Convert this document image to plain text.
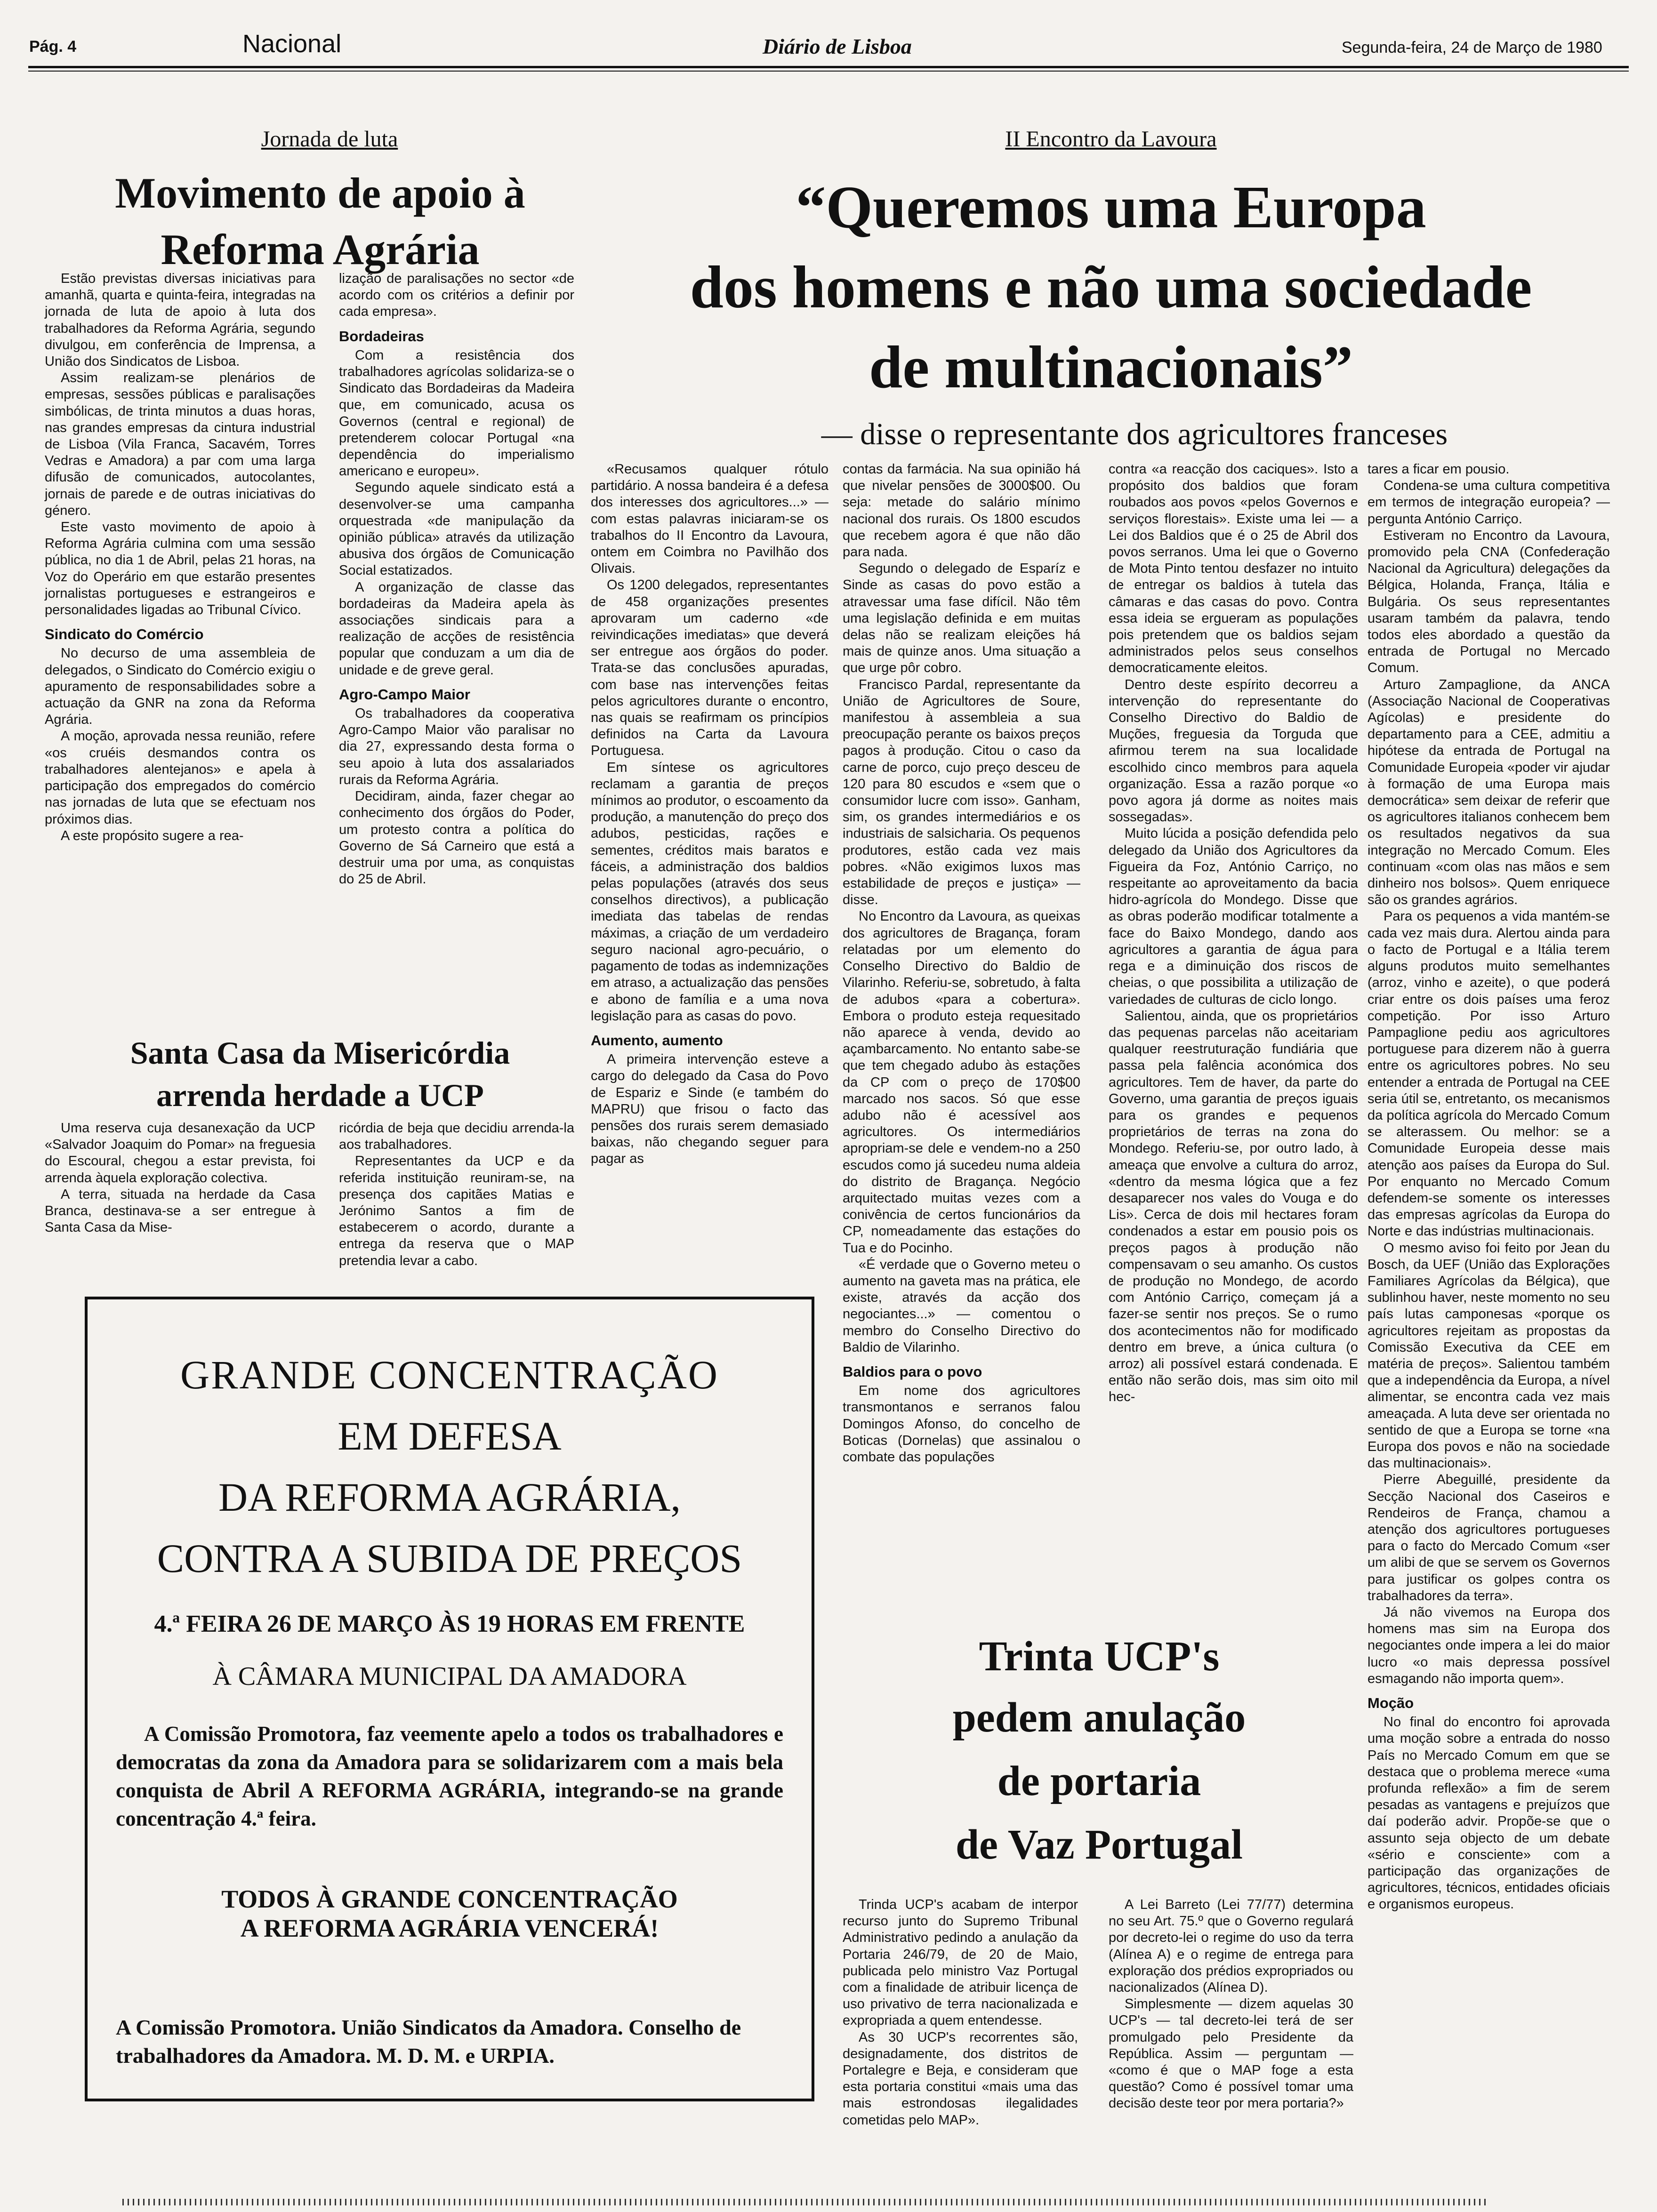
Pág. 4	Nacional	Diário de Lisboa	Segunda-feira, 24 de Março de 1980
Jornada de luta
Movimento de apoio à Reforma Agrária

Estão previstas diversas iniciativas para amanhã, quarta e quinta-feira, integradas na jornada de luta de apoio à luta dos trabalhadores da Reforma Agrária, segundo divulgou, em conferência de Imprensa, a União dos Sindicatos de Lisboa.

Assim realizam-se plenários de empresas, sessões públicas e paralisações simbólicas, de trinta minutos a duas horas, nas grandes empresas da cintura industrial de Lisboa (Vila Franca, Sacavém, Torres Vedras e Amadora) a par com uma larga difusão de comunicados, autocolantes, jornais de parede e de outras iniciativas do género.

Este vasto movimento de apoio à Reforma Agrária culmina com uma sessão pública, no dia 1 de Abril, pelas 21 horas, na Voz do Operário em que estarão presentes jornalistas portugueses e estrangeiros e personalidades ligadas ao Tribunal Cívico.

Sindicato do Comércio

No decurso de uma assembleia de delegados, o Sindicato do Comércio exigiu o apuramento de responsabilidades sobre a actuação da GNR na zona da Reforma Agrária.

A moção, aprovada nessa reunião, refere «os cruéis desmandos contra os trabalhadores alentejanos» e apela à participação dos empregados do comércio nas jornadas de luta que se efectuam nos próximos dias.

A este propósito sugere a rea-

lização de paralisações no sector «de acordo com os critérios a definir por cada empresa».

Bordadeiras

Com a resistência dos trabalhadores agrícolas solidariza-se o Sindicato das Bordadeiras da Madeira que, em comunicado, acusa os Governos (central e regional) de pretenderem colocar Portugal «na dependência do imperialismo americano e europeu».

Segundo aquele sindicato está a desenvolver-se uma campanha orquestrada «de manipulação da opinião pública» através da utilização abusiva dos órgãos de Comunicação Social estatizados.

A organização de classe das bordadeiras da Madeira apela às associações sindicais para a realização de acções de resistência popular que conduzam a um dia de unidade e de greve geral.

Agro-Campo Maior

Os trabalhadores da cooperativa Agro-Campo Maior vão paralisar no dia 27, expressando desta forma o seu apoio à luta dos assalariados rurais da Reforma Agrária.

Decidiram, ainda, fazer chegar ao conhecimento dos órgãos do Poder, um protesto contra a política do Governo de Sá Carneiro que está a destruir uma por uma, as conquistas do 25 de Abril.

Santa Casa da Misericórdia
arrenda herdade a UCP

Uma reserva cuja desanexação da UCP «Salvador Joaquim do Pomar» na freguesia do Escoural, chegou a estar prevista, foi arrenda àquela exploração colectiva.

A terra, situada na herdade da Casa Branca, destinava-se a ser entregue à Santa Casa da Mise-

ricórdia de beja que decidiu arrenda-la aos trabalhadores.

Representantes da UCP e da referida instituição reuniram-se, na presença dos capitães Matias e Jerónimo Santos a fim de estabecerem o acordo, durante a entrega da reserva que o MAP pretendia levar a cabo.

II Encontro da Lavoura
“Queremos uma Europa
dos homens e não uma sociedade
de multinacionais”
— disse o representante dos agricultores franceses

«Recusamos qualquer rótulo partidário. A nossa bandeira é a defesa dos interesses dos agricultores...» — com estas palavras iniciaram-se os trabalhos do II Encontro da Lavoura, ontem em Coimbra no Pavilhão dos Olivais.

Os 1200 delegados, representantes de 458 organizações presentes aprovaram um caderno «de reivindicações imediatas» que deverá ser entregue aos órgãos do poder. Trata-se das conclusões apuradas, com base nas intervenções feitas pelos agricultores durante o encontro, nas quais se reafirmam os princípios definidos na Carta da Lavoura Portuguesa.

Em síntese os agricultores reclamam a garantia de preços mínimos ao produtor, o escoamento da produção, a manutenção do preço dos adubos, pesticidas, rações e sementes, créditos mais baratos e fáceis, a administração dos baldios pelas populações (através dos seus conselhos directivos), a publicação imediata das tabelas de rendas máximas, a criação de um verdadeiro seguro nacional agro-pecuário, o pagamento de todas as indemnizações em atraso, a actualização das pensões e abono de família e a uma nova legislação para as casas do povo.

Aumento, aumento

A primeira intervenção esteve a cargo do delegado da Casa do Povo de Espariz e Sinde (e também do MAPRU) que frisou o facto das pensões dos rurais serem demasiado baixas, não chegando seguer para pagar as

contas da farmácia. Na sua opinião há que nivelar pensões de 3000$00. Ou seja: metade do salário mínimo nacional dos rurais. Os 1800 escudos que recebem agora é que não dão para nada.

Segundo o delegado de Esparíz e Sinde as casas do povo estão a atravessar uma fase difícil. Não têm uma legislação definida e em muitas delas não se realizam eleições há mais de quinze anos. Uma situação a que urge pôr cobro.

Francisco Pardal, representante da União de Agricultores de Soure, manifestou à assembleia a sua preocupação perante os baixos preços pagos à produção. Citou o caso da carne de porco, cujo preço desceu de 120 para 80 escudos e «sem que o consumidor lucre com isso». Ganham, sim, os grandes intermediários e os industriais de salsicharia. Os pequenos produtores, estão cada vez mais pobres. «Não exigimos luxos mas estabilidade de preços e justiça» — disse.

No Encontro da Lavoura, as queixas dos agricultores de Bragança, foram relatadas por um elemento do Conselho Directivo do Baldio de Vilarinho. Referiu-se, sobretudo, à falta de adubos «para a cobertura». Embora o produto esteja requesitado não aparece à venda, devido ao açambarcamento. No entanto sabe-se que tem chegado adubo às estações da CP com o preço de 170$00 marcado nos sacos. Só que esse adubo não é acessível aos agricultores. Os intermediários apropriam-se dele e vendem-no a 250 escudos como já sucedeu numa aldeia do distrito de Bragança. Negócio arquitectado muitas vezes com a conivência de certos funcionários da CP, nomeadamente das estações do Tua e do Pocinho.

«É verdade que o Governo meteu o aumento na gaveta mas na prática, ele existe, através da acção dos negociantes...» — comentou o membro do Conselho Directivo do Baldio de Vilarinho.

Baldios para o povo

Em nome dos agricultores transmontanos e serranos falou Domingos Afonso, do concelho de Boticas (Dornelas) que assinalou o combate das populações

contra «a reacção dos caciques». Isto a propósito dos baldios que foram roubados aos povos «pelos Governos e serviços florestais». Existe uma lei — a Lei dos Baldios que é o 25 de Abril dos povos serranos. Uma lei que o Governo de Mota Pinto tentou desfazer no intuito de entregar os baldios à tutela das câmaras e das casas do povo. Contra essa ideia se ergueram as populações pois pretendem que os baldios sejam administrados pelos seus conselhos democraticamente eleitos.

Dentro deste espírito decorreu a intervenção do representante do Conselho Directivo do Baldio de Muções, freguesia da Torguda que afirmou terem na sua localidade escolhido cinco membros para aquela organização. Essa a razão porque «o povo agora já dorme as noites mais sossegadas».

Muito lúcida a posição defendida pelo delegado da União dos Agricultores da Figueira da Foz, António Carriço, no respeitante ao aproveitamento da bacia hidro-agrícola do Mondego. Disse que as obras poderão modificar totalmente a face do Baixo Mondego, dando aos agricultores a garantia de água para rega e a diminuição dos riscos de cheias, o que possibilita a utilização de variedades de culturas de ciclo longo.

Salientou, ainda, que os proprietários das pequenas parcelas não aceitariam qualquer reestruturação fundiária que passa pela falência aconómica dos agricultores. Tem de haver, da parte do Governo, uma garantia de preços iguais para os grandes e pequenos proprietários de terras na zona do Mondego. Referiu-se, por outro lado, à ameaça que envolve a cultura do arroz, «dentro da mesma lógica que a fez desaparecer nos vales do Vouga e do Lis». Cerca de dois mil hectares foram condenados a estar em pousio pois os preços pagos à produção não compensavam o seu amanho. Os custos de produção no Mondego, de acordo com António Carriço, começam já a fazer-se sentir nos preços. Se o rumo dos acontecimentos não for modificado dentro em breve, a única cultura (o arroz) ali possível estará condenada. E então não serão dois, mas sim oito mil hec-

tares a ficar em pousio.

Condena-se uma cultura competitiva em termos de integração europeia? — pergunta António Carriço.

Estiveram no Encontro da Lavoura, promovido pela CNA (Confederação Nacional da Agricultura) delegações da Bélgica, Holanda, França, Itália e Bulgária. Os seus representantes usaram também da palavra, tendo todos eles abordado a questão da entrada de Portugal no Mercado Comum.

Arturo Zampaglione, da ANCA (Associação Nacional de Cooperativas Agícolas) e presidente do departamento para a CEE, admitiu a hipótese da entrada de Portugal na Comunidade Europeia «poder vir ajudar à formação de uma Europa mais democrática» sem deixar de referir que os agricultores italianos conhecem bem os resultados negativos da sua integração no Mercado Comum. Eles continuam «com olas nas mãos e sem dinheiro nos bolsos». Quem enriquece são os grandes agrários.

Para os pequenos a vida mantém-se cada vez mais dura. Alertou ainda para o facto de Portugal e a Itália terem alguns produtos muito semelhantes (arroz, vinho e azeite), o que poderá criar entre os dois países uma feroz competição. Por isso Arturo Pampaglione pediu aos agricultores portuguese para dizerem não à guerra entre os agricultores pobres. No seu entender a entrada de Portugal na CEE seria útil se, entretanto, os mecanismos da política agrícola do Mercado Comum se alterassem. Ou melhor: se a Comunidade Europeia desse mais atenção aos países da Europa do Sul. Por enquanto no Mercado Comum defendem-se somente os interesses das empresas agrícolas da Europa do Norte e das indústrias multinacionais.

O mesmo aviso foi feito por Jean du Bosch, da UEF (União das Explorações Familiares Agrícolas da Bélgica), que sublinhou haver, neste momento no seu país lutas camponesas «porque os agricultores rejeitam as propostas da Comissão Executiva da CEE em matéria de preços». Salientou também que a independência da Europa, a nível alimentar, se encontra cada vez mais ameaçada. A luta deve ser orientada no sentido de que a Europa se torne «na Europa dos povos e não na sociedade das multinacionais».

Pierre Abeguillé, presidente da Secção Nacional dos Caseiros e Rendeiros de França, chamou a atenção dos agricultores portugueses para o facto do Mercado Comum «ser um alibi de que se servem os Governos para justificar os golpes contra os trabalhadores da terra».

Já não vivemos na Europa dos homens mas sim na Europa dos negociantes onde impera a lei do maior lucro «o mais depressa possível esmagando não importa quem».

Moção

No final do encontro foi aprovada uma moção sobre a entrada do nosso País no Mercado Comum em que se destaca que o problema merece «uma profunda reflexão» a fim de serem pesadas as vantagens e prejuízos que daí poderão advir. Propõe-se que o assunto seja objecto de um debate «sério e consciente» com a participação das organizações de agricultores, técnicos, entidades oficiais e organismos europeus.

GRANDE CONCENTRAÇÃO

EM DEFESA

DA REFORMA AGRÁRIA,

CONTRA A SUBIDA DE PREÇOS

4.ª FEIRA 26 DE MARÇO ÀS 19 HORAS EM FRENTE

À CÂMARA MUNICIPAL DA AMADORA

A Comissão Promotora, faz veemente apelo a todos os trabalhadores e democratas da zona da Amadora para se solidarizarem com a mais bela conquista de Abril A REFORMA AGRÁRIA, integrando-se na grande concentração 4.ª feira.

TODOS À GRANDE CONCENTRAÇÃO

A REFORMA AGRÁRIA VENCERÁ!

A Comissão Promotora. União Sindicatos da Amadora. Conselho de trabalhadores da Amadora. M. D. M. e URPIA.

Trinta UCP's
pedem anulação
de portaria
de Vaz Portugal

Trinda UCP's acabam de interpor recurso junto do Supremo Tribunal Administrativo pedindo a anulação da Portaria 246/79, de 20 de Maio, publicada pelo ministro Vaz Portugal com a finalidade de atribuir licença de uso privativo de terra nacionalizada e expropriada a quem entendesse.

As 30 UCP's recorrentes são, designadamente, dos distritos de Portalegre e Beja, e consideram que esta portaria constitui «mais uma das mais estrondosas ilegalidades cometidas pelo MAP».

A Lei Barreto (Lei 77/77) determina no seu Art. 75.º que o Governo regulará por decreto-lei o regime do uso da terra (Alínea A) e o regime de entrega para exploração dos prédios expropriados ou nacionalizados (Alínea D).

Simplesmente — dizem aquelas 30 UCP's — tal decreto-lei terá de ser promulgado pelo Presidente da República. Assim — perguntam — «como é que o MAP foge a esta questão? Como é possível tomar uma decisão deste teor por mera portaria?»
